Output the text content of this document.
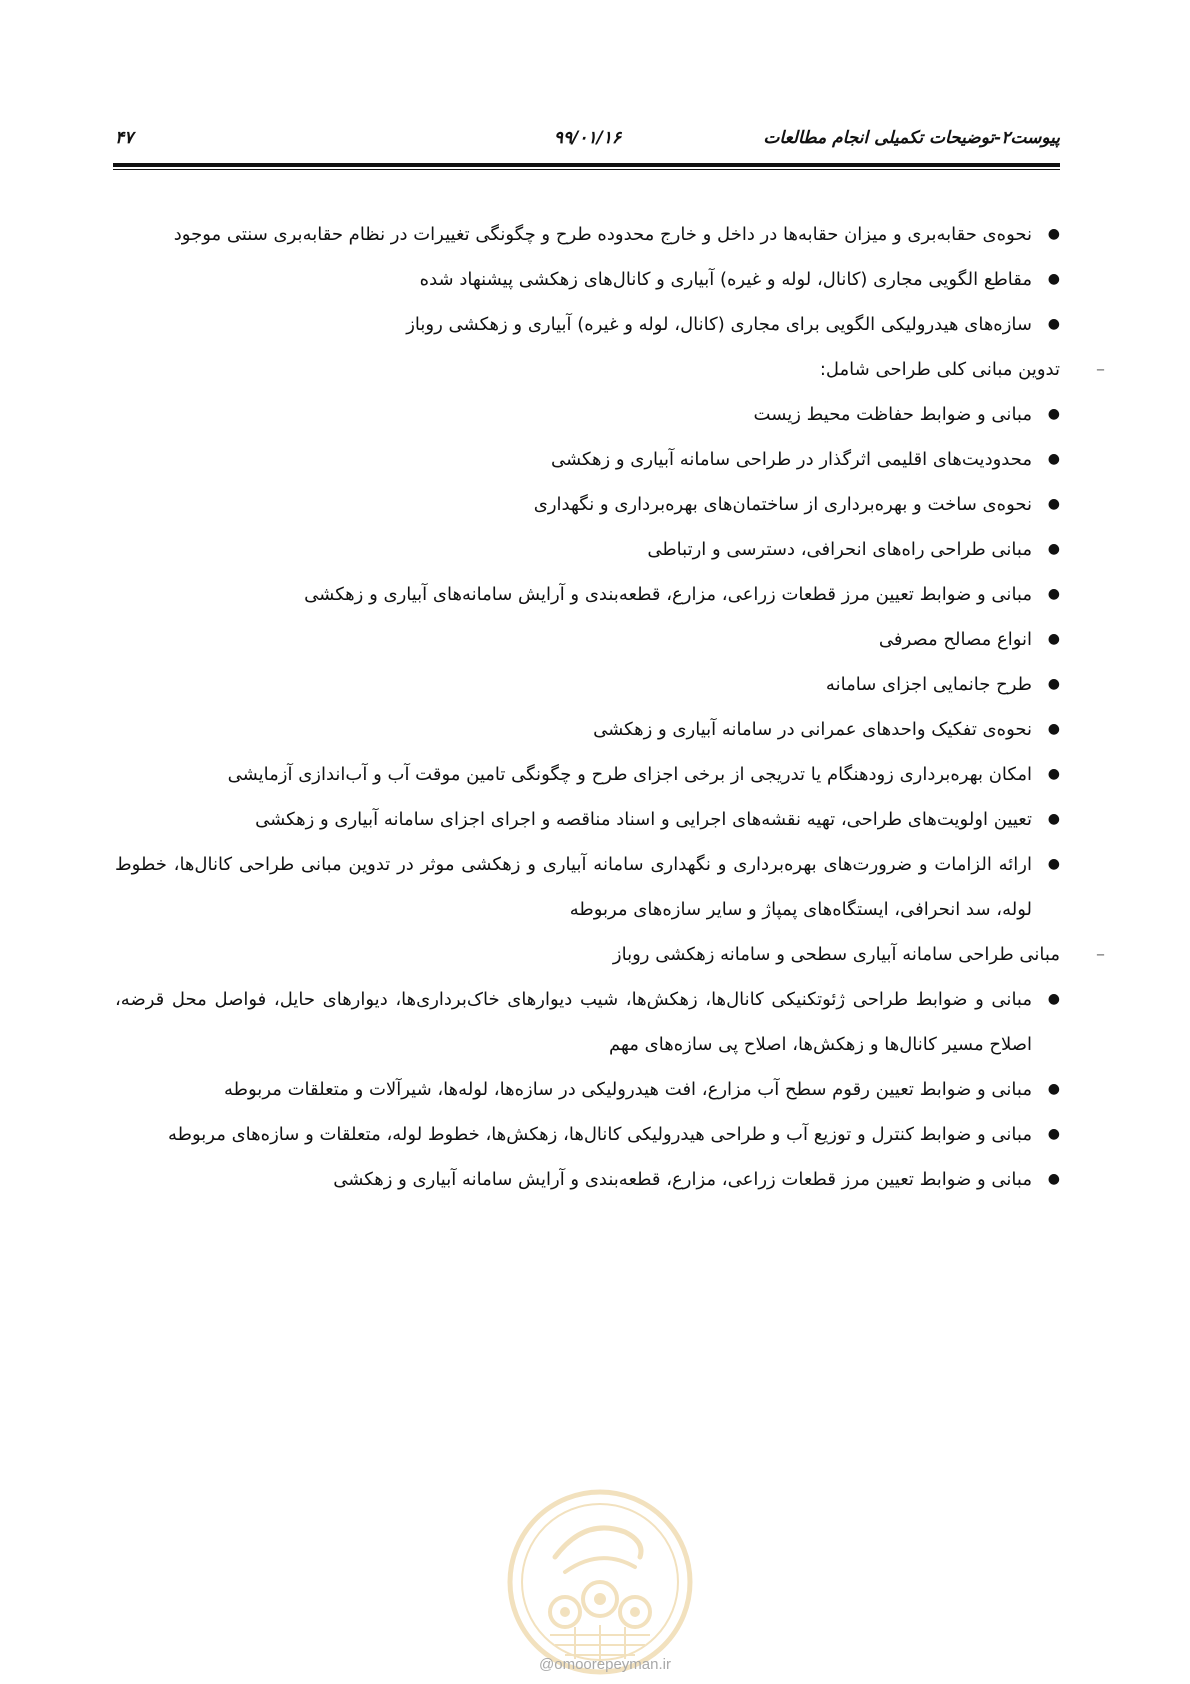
پیوست۲-توضیحات تکمیلی انجام مطالعات
۹۹/۰۱/۱۶
۴۷
●
نحوه‌ی حقابه‌بری و میزان حقابه‌ها در داخل و خارج محدوده طرح و چگونگی تغییرات در نظام حقابه‌بری سنتی موجود
●
مقاطع الگویی مجاری (کانال، لوله و غیره) آبیاری و کانال‌های زهکشی پیشنهاد شده
●
سازه‌های هیدرولیکی الگویی برای مجاری (کانال، لوله و غیره) آبیاری و زهکشی روباز
–
تدوین مبانی کلی طراحی شامل:
●
مبانی و ضوابط حفاظت محیط زیست
●
محدودیت‌های اقلیمی اثرگذار در طراحی سامانه آبیاری و زهکشی
●
نحوه‌ی ساخت و بهره‌برداری از ساختمان‌های بهره‌برداری و نگهداری
●
مبانی طراحی راه‌های انحرافی، دسترسی و ارتباطی
●
مبانی و ضوابط تعیین مرز قطعات زراعی، مزارع، قطعه‌بندی و آرایش سامانه‌های آبیاری و زهکشی
●
انواع مصالح مصرفی
●
طرح جانمایی اجزای سامانه
●
نحوه‌ی تفکیک واحدهای عمرانی در سامانه آبیاری و زهکشی
●
امکان بهره‌برداری زودهنگام یا تدریجی از برخی اجزای طرح و چگونگی تامین موقت آب و آب‌اندازی آزمایشی
●
تعیین اولویت‌های طراحی، تهیه نقشه‌های اجرایی و اسناد مناقصه و اجرای اجزای سامانه آبیاری و زهکشی
●
ارائه الزامات و ضرورت‌های بهره‌برداری و نگهداری سامانه آبیاری و زهکشی موثر در تدوین مبانی طراحی کانال‌ها، خطوط لوله، سد انحرافی، ایستگاه‌های پمپاژ و سایر سازه‌های مربوطه
–
مبانی طراحی سامانه آبیاری سطحی و سامانه زهکشی روباز
●
مبانی و ضوابط طراحی ژئوتکنیکی کانال‌ها، زهکش‌ها، شیب دیوارهای خاک‌برداری‌ها، دیوارهای حایل، فواصل محل قرضه، اصلاح مسیر کانال‌ها و زهکش‌ها، اصلاح پی سازه‌های مهم
●
مبانی و ضوابط تعیین رقوم سطح آب مزارع، افت هیدرولیکی در سازه‌ها، لوله‌ها، شیرآلات و متعلقات مربوطه
●
مبانی و ضوابط کنترل و توزیع آب و طراحی هیدرولیکی کانال‌ها، زهکش‌ها، خطوط لوله، متعلقات و سازه‌های مربوطه
●
مبانی و ضوابط تعیین مرز قطعات زراعی، مزارع، قطعه‌بندی و آرایش سامانه آبیاری و زهکشی
@omoorepeyman.ir
